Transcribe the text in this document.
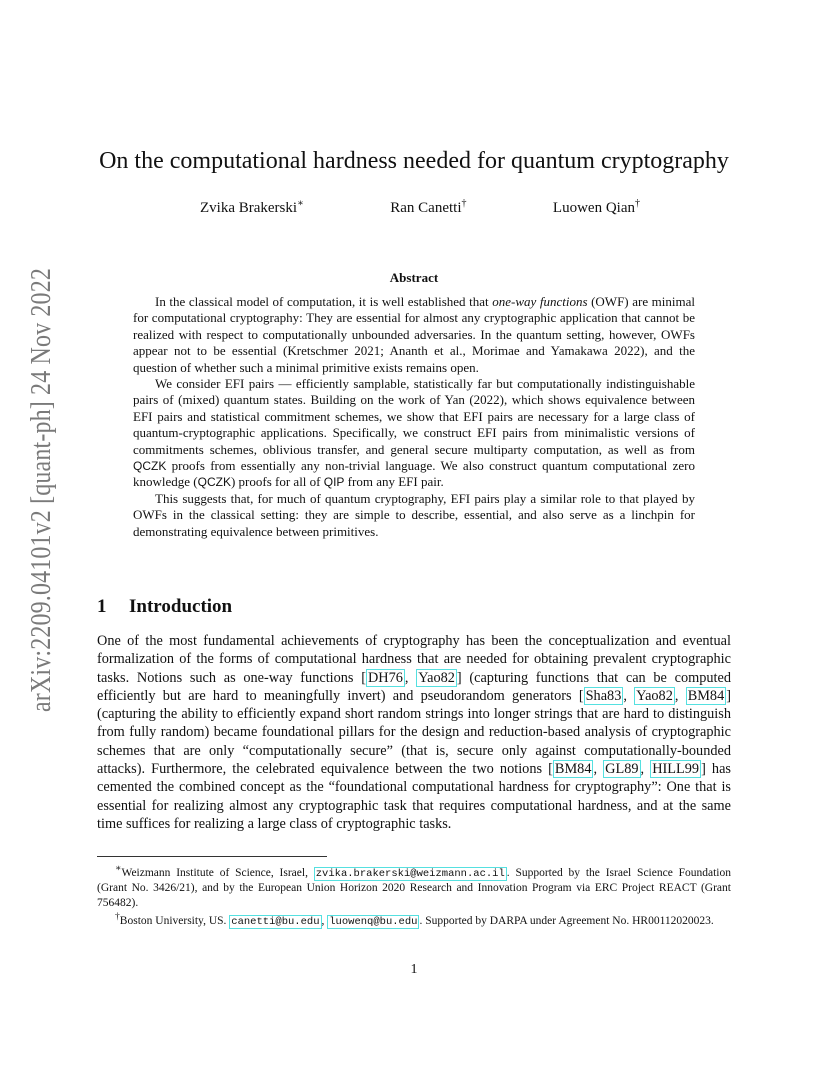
arXiv:2209.04101v2 [quant-ph] 24 Nov 2022
On the computational hardness needed for quantum cryptography
Zvika Brakerski∗	Ran Canetti†	Luowen Qian†
Abstract

In the classical model of computation, it is well established that one-way functions (OWF) are minimal for computational cryptography: They are essential for almost any cryptographic application that cannot be realized with respect to computationally unbounded adversaries. In the quantum setting, however, OWFs appear not to be essential (Kretschmer 2021; Ananth et al., Morimae and Yamakawa 2022), and the question of whether such a minimal primitive exists remains open.

We consider EFI pairs — efficiently samplable, statistically far but computationally indistinguishable pairs of (mixed) quantum states. Building on the work of Yan (2022), which shows equivalence between EFI pairs and statistical commitment schemes, we show that EFI pairs are necessary for a large class of quantum-cryptographic applications. Specifically, we construct EFI pairs from minimalistic versions of commitments schemes, oblivious transfer, and general secure multiparty computation, as well as from QCZK proofs from essentially any non-trivial language. We also construct quantum computational zero knowledge (QCZK) proofs for all of QIP from any EFI pair.

This suggests that, for much of quantum cryptography, EFI pairs play a similar role to that played by OWFs in the classical setting: they are simple to describe, essential, and also serve as a linchpin for demonstrating equivalence between primitives.

1 Introduction

One of the most fundamental achievements of cryptography has been the conceptualization and eventual formalization of the forms of computational hardness that are needed for obtaining prevalent cryptographic tasks. Notions such as one-way functions [ DH76 , Yao82 ] (capturing functions that can be computed efficiently but are hard to meaningfully invert) and pseudorandom generators [ Sha83 , Yao82 , BM84 ] (capturing the ability to efficiently expand short random strings into longer strings that are hard to distinguish from fully random) became foundational pillars for the design and reduction-based analysis of cryptographic schemes that are only “computationally secure” (that is, secure only against computationally-bounded attacks). Furthermore, the celebrated equivalence between the two notions [ BM84 , GL89 , HILL99 ] has cemented the combined concept as the “foundational computational hardness for cryptography”: One that is essential for realizing almost any cryptographic task that requires computational hardness, and at the same time suffices for realizing a large class of cryptographic tasks.

∗Weizmann Institute of Science, Israel, zvika.brakerski@weizmann.ac.il . Supported by the Israel Science Foundation (Grant No. 3426/21), and by the European Union Horizon 2020 Research and Innovation Program via ERC Project REACT (Grant 756482).

†Boston University, US. canetti@bu.edu , luowenq@bu.edu . Supported by DARPA under Agreement No. HR00112020023.

1
